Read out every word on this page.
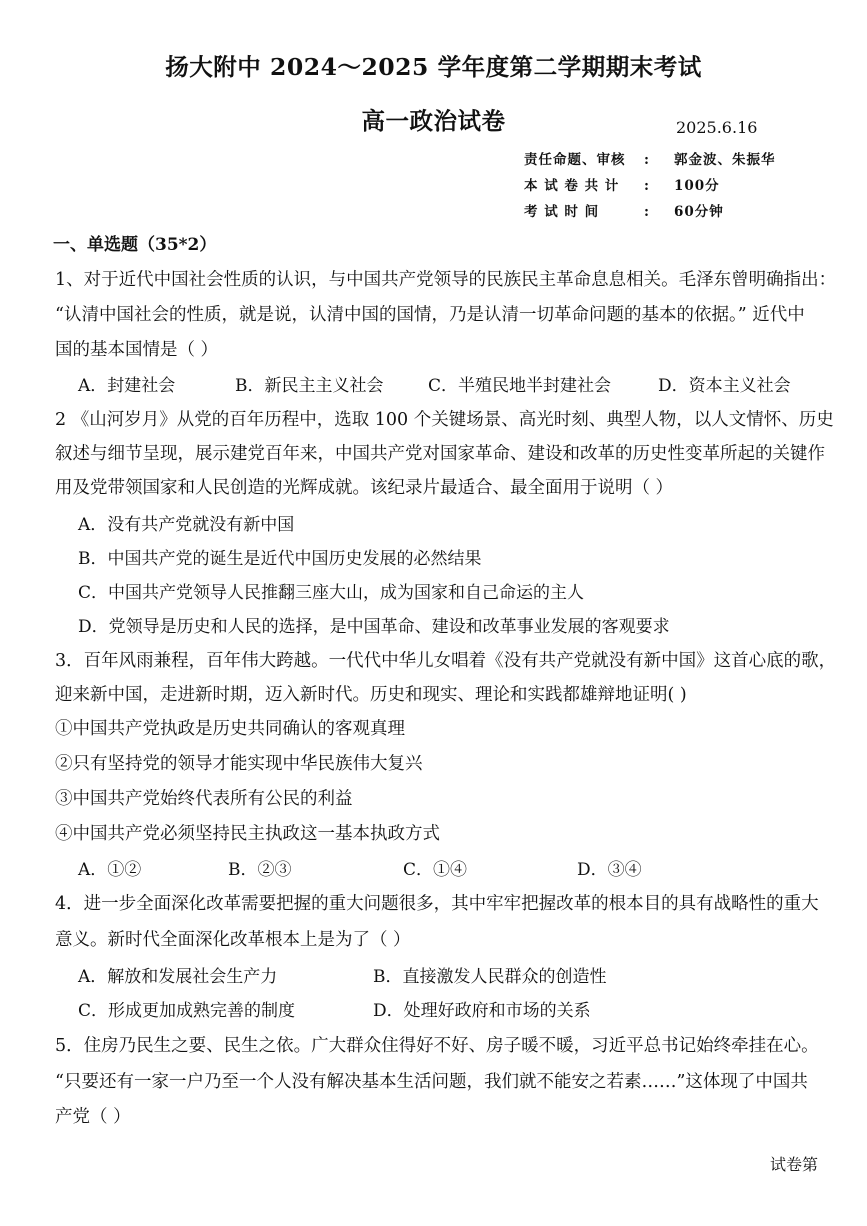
扬大附中 2024～2025 学年度第二学期期末考试
高一政治试卷	2025.6.16
责任命题、审核 : 郭金波、朱振华
本 试 卷 共 计 : 100分
考 试 时 间	: 60分钟
一、单选题（35*2）
1、对于近代中国社会性质的认识，与中国共产党领导的民族民主革命息息相关。毛泽东曾明确指出：
“认清中国社会的性质，就是说，认清中国的国情，乃是认清一切革命问题的基本的依据。” 近代中
国的基本国情是（ ）
A．封建社会	B．新民主主义社会	C．半殖民地半封建社会	D．资本主义社会
2 《山河岁月》从党的百年历程中，选取 100 个关键场景、高光时刻、典型人物，以人文情怀、历史
叙述与细节呈现，展示建党百年来，中国共产党对国家革命、建设和改革的历史性变革所起的关键作
用及党带领国家和人民创造的光辉成就。该纪录片最适合、最全面用于说明（ ）
A．没有共产党就没有新中国
B．中国共产党的诞生是近代中国历史发展的必然结果
C．中国共产党领导人民推翻三座大山，成为国家和自己命运的主人
D．党领导是历史和人民的选择，是中国革命、建设和改革事业发展的客观要求
3．百年风雨兼程，百年伟大跨越。一代代中华儿女唱着《没有共产党就没有新中国》这首心底的歌，
迎来新中国，走进新时期，迈入新时代。历史和现实、理论和实践都雄辩地证明( )
①中国共产党执政是历史共同确认的客观真理
②只有坚持党的领导才能实现中华民族伟大复兴
③中国共产党始终代表所有公民的利益
④中国共产党必须坚持民主执政这一基本执政方式
A．①②	B．②③	C．①④	D．③④
4．进一步全面深化改革需要把握的重大问题很多，其中牢牢把握改革的根本目的具有战略性的重大
意义。新时代全面深化改革根本上是为了（ ）
A．解放和发展社会生产力	B．直接激发人民群众的创造性
C．形成更加成熟完善的制度	D．处理好政府和市场的关系
5．住房乃民生之要、民生之依。广大群众住得好不好、房子暖不暖，习近平总书记始终牵挂在心。
“只要还有一家一户乃至一个人没有解决基本生活问题，我们就不能安之若素……”这体现了中国共
产党（ ）
试卷第
